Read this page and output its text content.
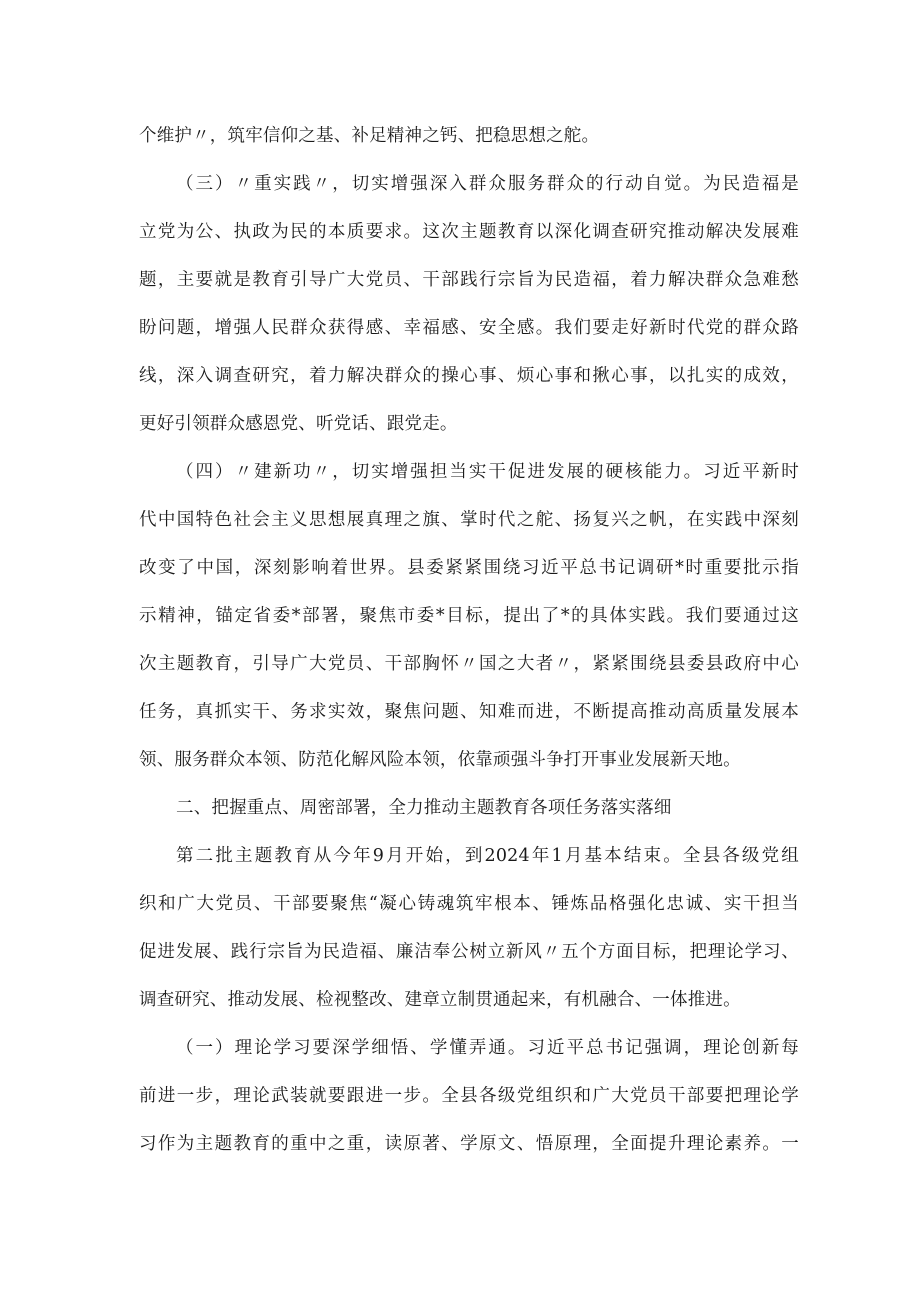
个维护〃，筑牢信仰之基、补足精神之钙、把稳思想之舵。
（三）〃重实践〃，切实增强深入群众服务群众的行动自觉。为民造福是
立党为公、执政为民的本质要求。这次主题教育以深化调查研究推动解决发展难
题，主要就是教育引导广大党员、干部践行宗旨为民造福，着力解决群众急难愁
盼问题，增强人民群众获得感、幸福感、安全感。我们要走好新时代党的群众路
线，深入调查研究，着力解决群众的操心事、烦心事和揪心事，以扎实的成效，
更好引领群众感恩党、听党话、跟党走。
（四）〃建新功〃，切实增强担当实干促进发展的硬核能力。习近平新时
代中国特色社会主义思想展真理之旗、掌时代之舵、扬复兴之帆，在实践中深刻
改变了中国，深刻影响着世界。县委紧紧围绕习近平总书记调研*时重要批示指
示精神，锚定省委*部署，聚焦市委*目标，提出了*的具体实践。我们要通过这
次主题教育，引导广大党员、干部胸怀〃国之大者〃，紧紧围绕县委县政府中心
任务，真抓实干、务求实效，聚焦问题、知难而进，不断提高推动高质量发展本
领、服务群众本领、防范化解风险本领，依靠顽强斗争打开事业发展新天地。
二、把握重点、周密部署，全力推动主题教育各项任务落实落细
第二批主题教育从今年9月开始，到2024年1月基本结束。全县各级党组
织和广大党员、干部要聚焦“凝心铸魂筑牢根本、锤炼品格强化忠诚、实干担当
促进发展、践行宗旨为民造福、廉洁奉公树立新风〃五个方面目标，把理论学习、
调查研究、推动发展、检视整改、建章立制贯通起来，有机融合、一体推进。
（一）理论学习要深学细悟、学懂弄通。习近平总书记强调，理论创新每
前进一步，理论武装就要跟进一步。全县各级党组织和广大党员干部要把理论学
习作为主题教育的重中之重，读原著、学原文、悟原理，全面提升理论素养。一
